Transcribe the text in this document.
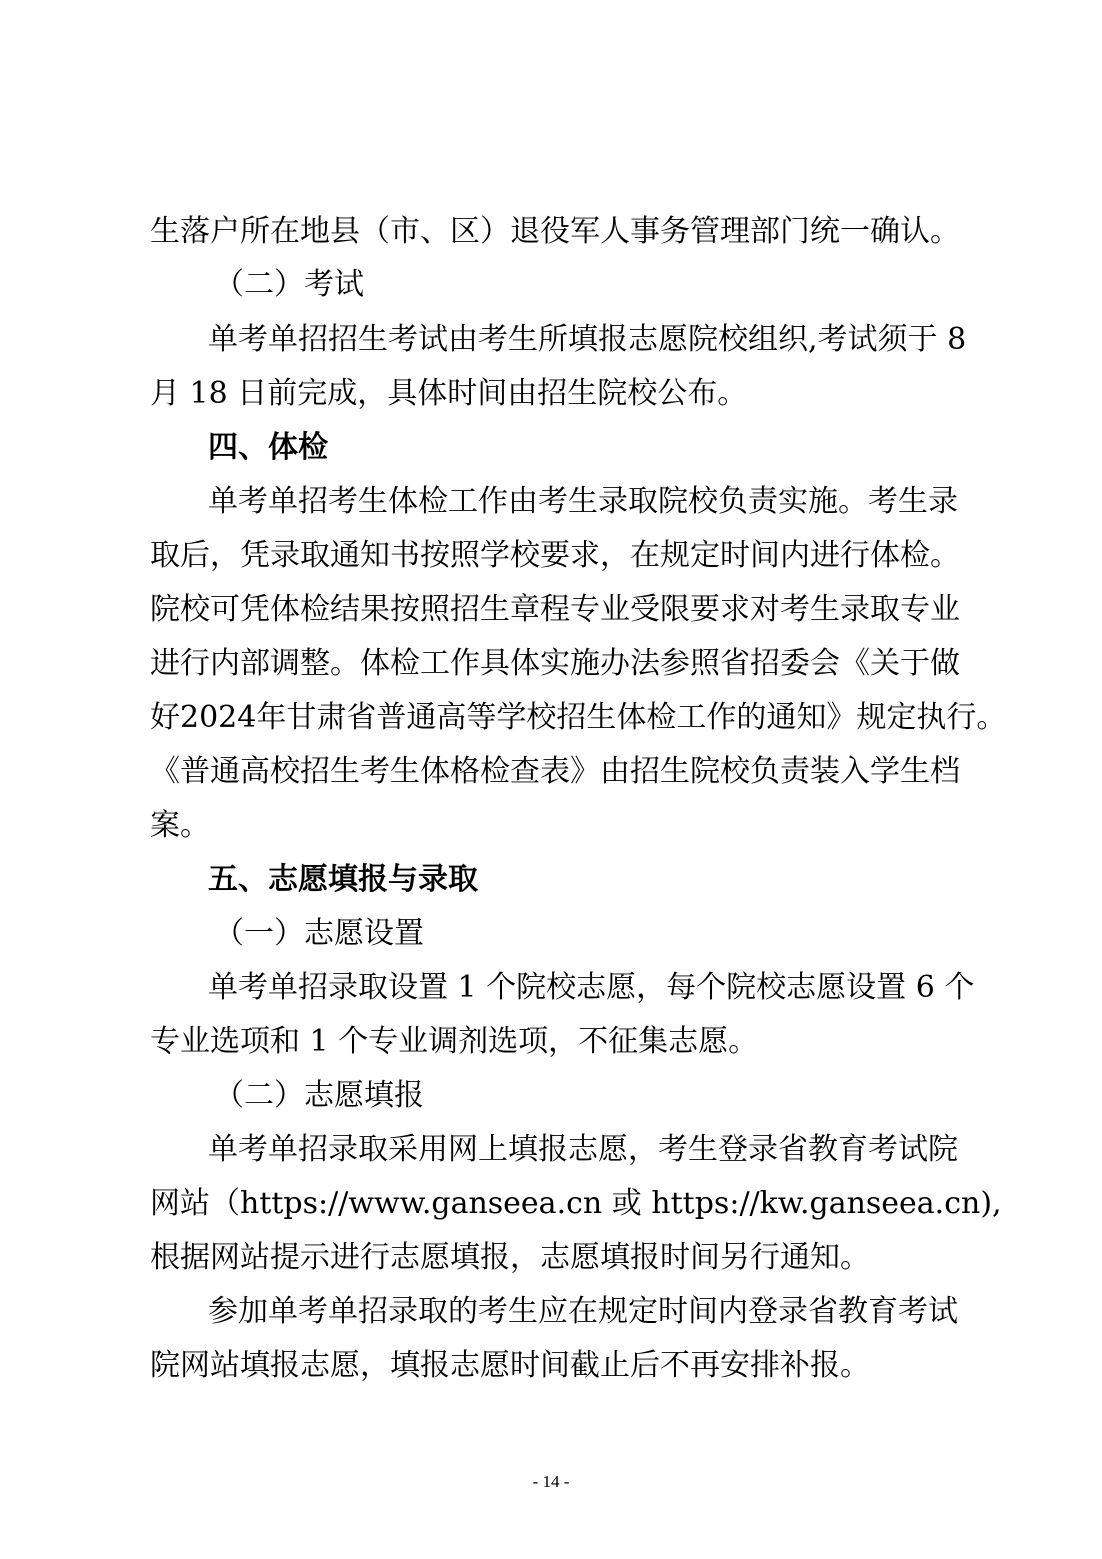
生落户所在地县（市、区）退役军人事务管理部门统一确认。
（二）考试
单考单招招生考试由考生所填报志愿院校组织,考试须于 8
月 18 日前完成，具体时间由招生院校公布。
四、体检
单考单招考生体检工作由考生录取院校负责实施。考生录
取后，凭录取通知书按照学校要求，在规定时间内进行体检。
院校可凭体检结果按照招生章程专业受限要求对考生录取专业
进行内部调整。体检工作具体实施办法参照省招委会《关于做
好2024年甘肃省普通高等学校招生体检工作的通知》规定执行。
《普通高校招生考生体格检查表》由招生院校负责装入学生档
案。
五、志愿填报与录取
（一）志愿设置
单考单招录取设置 1 个院校志愿，每个院校志愿设置 6 个
专业选项和 1 个专业调剂选项，不征集志愿。
（二）志愿填报
单考单招录取采用网上填报志愿，考生登录省教育考试院
网站（https://www.ganseea.cn 或 https://kw.ganseea.cn),
根据网站提示进行志愿填报，志愿填报时间另行通知。
参加单考单招录取的考生应在规定时间内登录省教育考试
院网站填报志愿，填报志愿时间截止后不再安排补报。
- 14 -
